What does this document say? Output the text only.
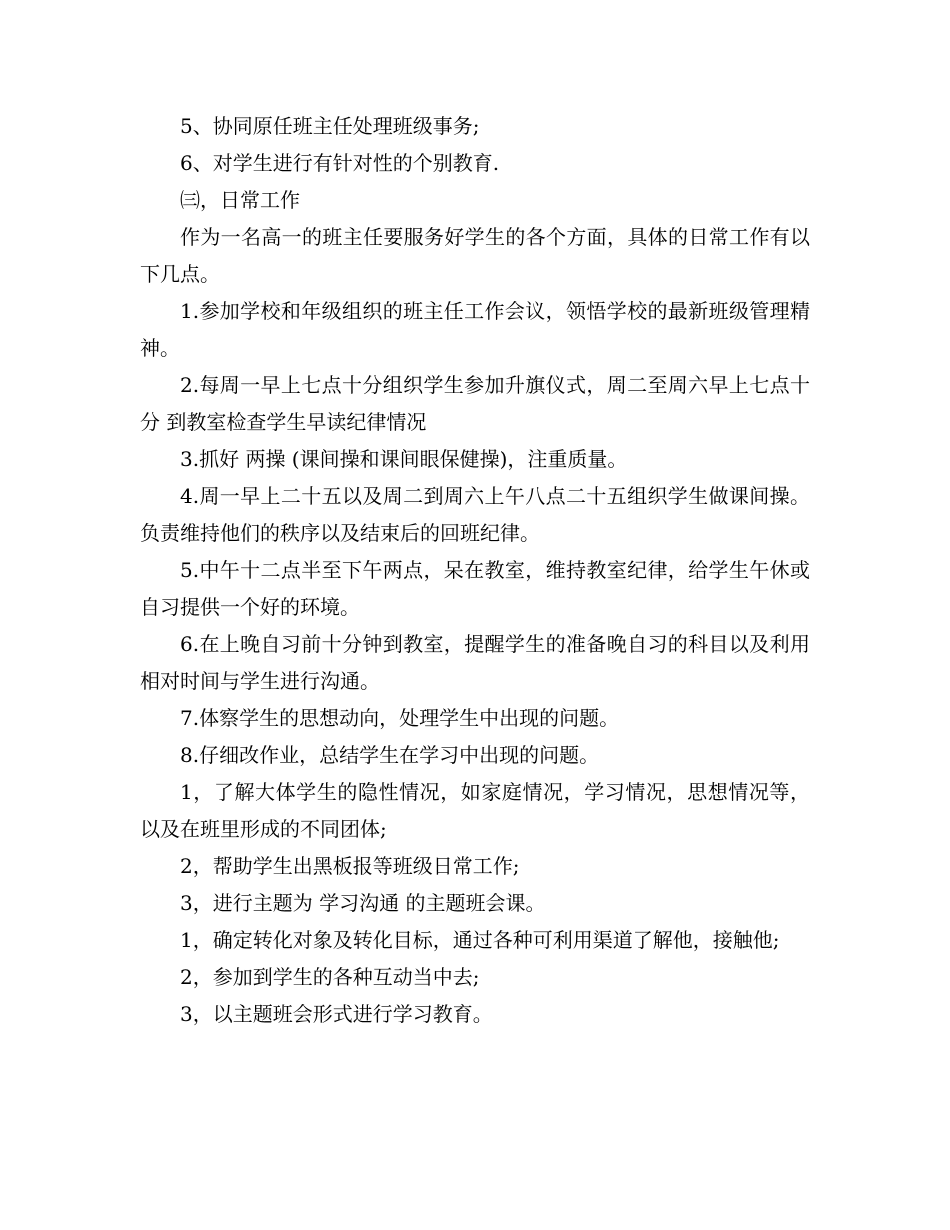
5、协同原任班主任处理班级事务;

6、对学生进行有针对性的个别教育.

㈢，日常工作

作为一名高一的班主任要服务好学生的各个方面，具体的日常工作有以下几点。

1.参加学校和年级组织的班主任工作会议，领悟学校的最新班级管理精神。

2.每周一早上七点十分组织学生参加升旗仪式，周二至周六早上七点十分 到教室检查学生早读纪律情况

3.抓好 两操 (课间操和课间眼保健操)，注重质量。

4.周一早上二十五以及周二到周六上午八点二十五组织学生做课间操。负责维持他们的秩序以及结束后的回班纪律。

5.中午十二点半至下午两点，呆在教室，维持教室纪律，给学生午休或自习提供一个好的环境。

6.在上晚自习前十分钟到教室，提醒学生的准备晚自习的科目以及利用相对时间与学生进行沟通。

7.体察学生的思想动向，处理学生中出现的问题。

8.仔细改作业，总结学生在学习中出现的问题。

1，了解大体学生的隐性情况，如家庭情况，学习情况，思想情况等，以及在班里形成的不同团体;

2，帮助学生出黑板报等班级日常工作;

3，进行主题为 学习沟通 的主题班会课。

1，确定转化对象及转化目标，通过各种可利用渠道了解他，接触他;

2，参加到学生的各种互动当中去;

3，以主题班会形式进行学习教育。
